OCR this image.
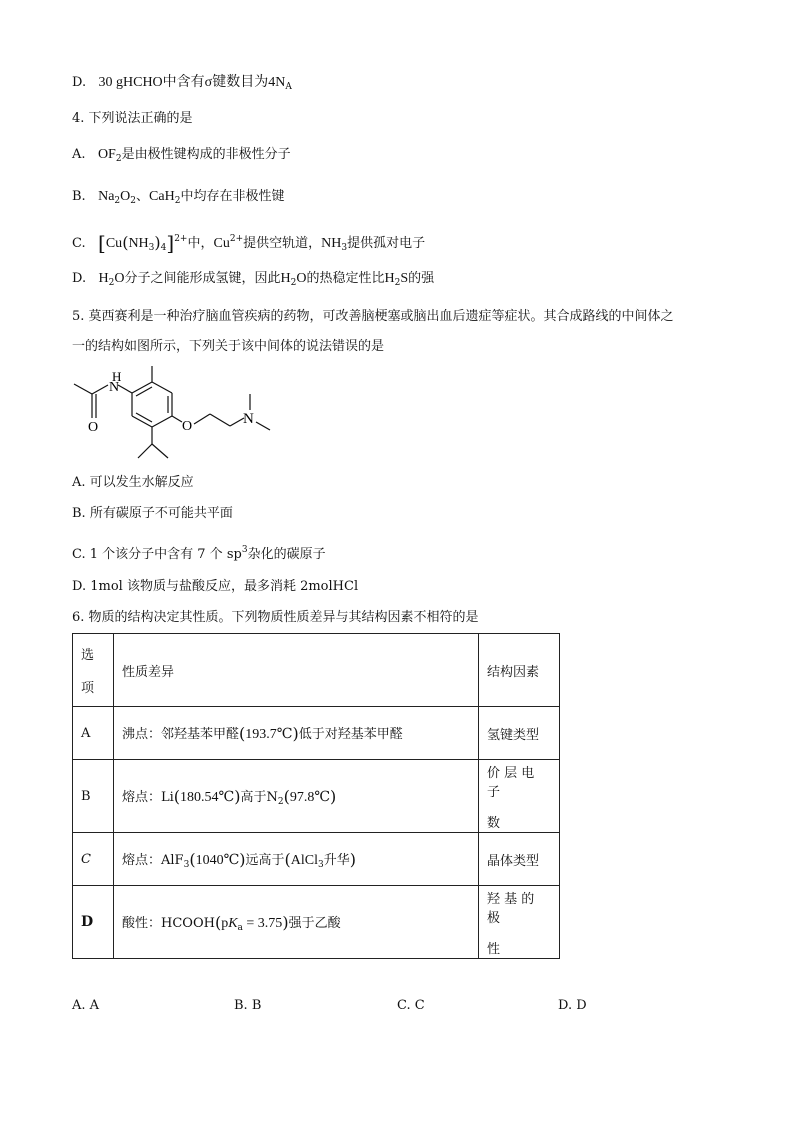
D. 30 gHCHO中含有σ键数目为$4N_A$
4. 下列说法正确的是
A. $OF_2$是由极性键构成的非极性分子
B. $Na_2O_2$、CaH$_2$中均存在非极性键
C. $[Cu(NH_3)_4]^{2+}$中，$Cu^{2+}$提供空轨道，$NH_3$提供孤对电子
D. $H_2O$分子之间能形成氢键，因此$H_2O$的热稳定性比$H_2S$的强
5. 莫西赛利是一种治疗脑血管疾病的药物，可改善脑梗塞或脑出血后遗症等症状。其合成路线的中间体之
一的结构如图所示，下列关于该中间体的说法错误的是
H
N
O	O	N
A. 可以发生水解反应
B. 所有碳原子不可能共平面
C. 1 个该分子中含有 7 个 $sp^3$杂化的碳原子
D. 1mol 该物质与盐酸反应，最多消耗 2molHCl
6. 物质的结构决定其性质。下列物质性质差异与其结构因素不相符的是
选
项	性质差异	结构因素
A	沸点：邻羟基苯甲醛(193.7℃)低于对羟基苯甲醛	氢键类型
B	熔点：Li(180.54℃)高于$N_2(97.8℃)$	价 层 电 子
数

C	熔点：AlF$_3$(1040℃)远高于(AlCl$_3$升华)	晶体类型
D	酸性：$HCOOH(pK_a = 3.75)$强于乙酸	羟 基 的 极
性
A. A	B. B	C. C	D. D
